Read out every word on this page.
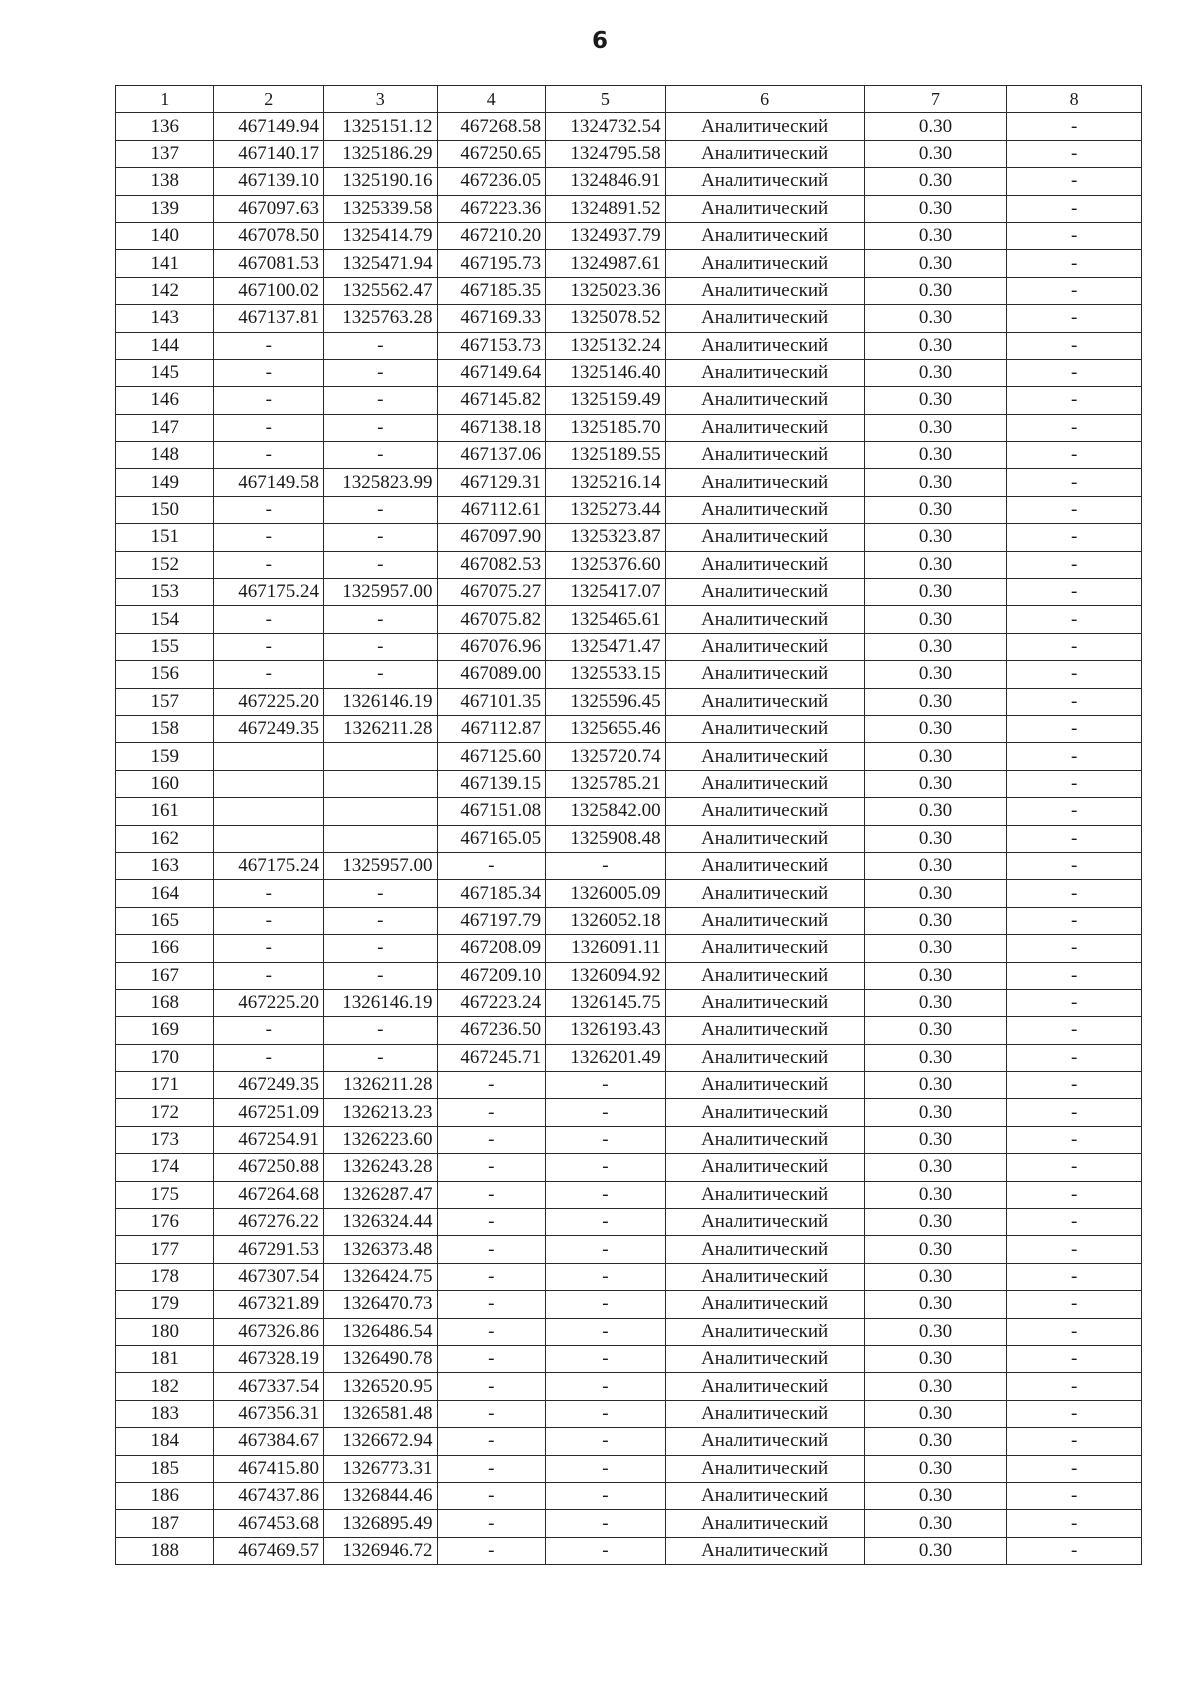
6
1	2	3	4	5	6	7	8
136	467149.94	1325151.12	467268.58	1324732.54	Аналитический	0.30	-
137	467140.17	1325186.29	467250.65	1324795.58	Аналитический	0.30	-
138	467139.10	1325190.16	467236.05	1324846.91	Аналитический	0.30	-
139	467097.63	1325339.58	467223.36	1324891.52	Аналитический	0.30	-
140	467078.50	1325414.79	467210.20	1324937.79	Аналитический	0.30	-
141	467081.53	1325471.94	467195.73	1324987.61	Аналитический	0.30	-
142	467100.02	1325562.47	467185.35	1325023.36	Аналитический	0.30	-
143	467137.81	1325763.28	467169.33	1325078.52	Аналитический	0.30	-
144	-	-	467153.73	1325132.24	Аналитический	0.30	-
145	-	-	467149.64	1325146.40	Аналитический	0.30	-
146	-	-	467145.82	1325159.49	Аналитический	0.30	-
147	-	-	467138.18	1325185.70	Аналитический	0.30	-
148	-	-	467137.06	1325189.55	Аналитический	0.30	-
149	467149.58	1325823.99	467129.31	1325216.14	Аналитический	0.30	-
150	-	-	467112.61	1325273.44	Аналитический	0.30	-
151	-	-	467097.90	1325323.87	Аналитический	0.30	-
152	-	-	467082.53	1325376.60	Аналитический	0.30	-
153	467175.24	1325957.00	467075.27	1325417.07	Аналитический	0.30	-
154	-	-	467075.82	1325465.61	Аналитический	0.30	-
155	-	-	467076.96	1325471.47	Аналитический	0.30	-
156	-	-	467089.00	1325533.15	Аналитический	0.30	-
157	467225.20	1326146.19	467101.35	1325596.45	Аналитический	0.30	-
158	467249.35	1326211.28	467112.87	1325655.46	Аналитический	0.30	-
159			467125.60	1325720.74	Аналитический	0.30	-
160			467139.15	1325785.21	Аналитический	0.30	-
161			467151.08	1325842.00	Аналитический	0.30	-
162			467165.05	1325908.48	Аналитический	0.30	-
163	467175.24	1325957.00	-	-	Аналитический	0.30	-
164	-	-	467185.34	1326005.09	Аналитический	0.30	-
165	-	-	467197.79	1326052.18	Аналитический	0.30	-
166	-	-	467208.09	1326091.11	Аналитический	0.30	-
167	-	-	467209.10	1326094.92	Аналитический	0.30	-
168	467225.20	1326146.19	467223.24	1326145.75	Аналитический	0.30	-
169	-	-	467236.50	1326193.43	Аналитический	0.30	-
170	-	-	467245.71	1326201.49	Аналитический	0.30	-
171	467249.35	1326211.28	-	-	Аналитический	0.30	-
172	467251.09	1326213.23	-	-	Аналитический	0.30	-
173	467254.91	1326223.60	-	-	Аналитический	0.30	-
174	467250.88	1326243.28	-	-	Аналитический	0.30	-
175	467264.68	1326287.47	-	-	Аналитический	0.30	-
176	467276.22	1326324.44	-	-	Аналитический	0.30	-
177	467291.53	1326373.48	-	-	Аналитический	0.30	-
178	467307.54	1326424.75	-	-	Аналитический	0.30	-
179	467321.89	1326470.73	-	-	Аналитический	0.30	-
180	467326.86	1326486.54	-	-	Аналитический	0.30	-
181	467328.19	1326490.78	-	-	Аналитический	0.30	-
182	467337.54	1326520.95	-	-	Аналитический	0.30	-
183	467356.31	1326581.48	-	-	Аналитический	0.30	-
184	467384.67	1326672.94	-	-	Аналитический	0.30	-
185	467415.80	1326773.31	-	-	Аналитический	0.30	-
186	467437.86	1326844.46	-	-	Аналитический	0.30	-
187	467453.68	1326895.49	-	-	Аналитический	0.30	-
188	467469.57	1326946.72	-	-	Аналитический	0.30	-
